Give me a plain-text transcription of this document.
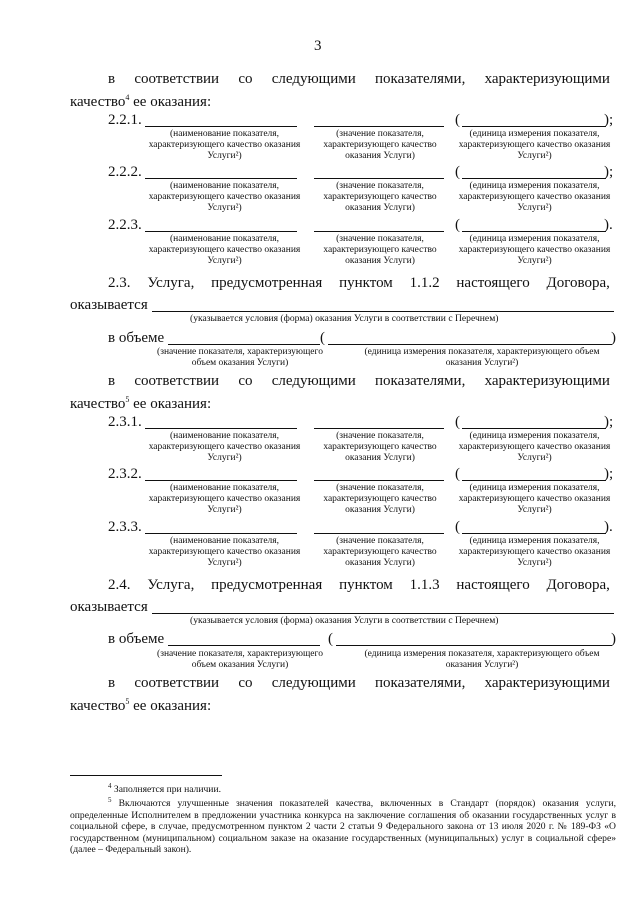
3
в соответствии со следующими показателями, характеризующими
качество$^4$ ее оказания:
2.2.1.	(	);
(наименование показателя, характеризующего качество оказания Услуги²)
(значение показателя, характеризующего качество оказания Услуги)
(единица измерения показателя, характеризующего качество оказания Услуги²)
2.2.2.	(	);
(наименование показателя, характеризующего качество оказания Услуги²)
(значение показателя, характеризующего качество оказания Услуги)
(единица измерения показателя, характеризующего качество оказания Услуги²)
2.2.3.	(	).
(наименование показателя, характеризующего качество оказания Услуги²)
(значение показателя, характеризующего качество оказания Услуги)
(единица измерения показателя, характеризующего качество оказания Услуги²)
2.3. Услуга, предусмотренная пунктом 1.1.2 настоящего Договора,
оказывается
(указывается условия (форма) оказания Услуги в соответствии с Перечнем)
в объеме	(	)
(значение показателя, характеризующего объем оказания Услуги)
(единица измерения показателя, характеризующего объем оказания Услуги²)
в соответствии со следующими показателями, характеризующими
качество$^5$ ее оказания:
2.3.1.	(	);
(наименование показателя, характеризующего качество оказания Услуги²)
(значение показателя, характеризующего качество оказания Услуги)
(единица измерения показателя, характеризующего качество оказания Услуги²)
2.3.2.	(	);
(наименование показателя, характеризующего качество оказания Услуги²)
(значение показателя, характеризующего качество оказания Услуги)
(единица измерения показателя, характеризующего качество оказания Услуги²)
2.3.3.	(	).
(наименование показателя, характеризующего качество оказания Услуги²)
(значение показателя, характеризующего качество оказания Услуги)
(единица измерения показателя, характеризующего качество оказания Услуги²)
2.4. Услуга, предусмотренная пунктом 1.1.3 настоящего Договора,
оказывается
(указывается условия (форма) оказания Услуги в соответствии с Перечнем)
в объеме	(	)
(значение показателя, характеризующего объем оказания Услуги)
(единица измерения показателя, характеризующего объем оказания Услуги²)
в соответствии со следующими показателями, характеризующими
качество$^5$ ее оказания:
$^4$ Заполняется при наличии.
$^5$ Включаются улучшенные значения показателей качества, включенных в Стандарт (порядок) оказания услуги, определенные Исполнителем в предложении участника конкурса на заключение соглашения об оказании государственных услуг в социальной сфере, в случае, предусмотренном пунктом 2 части 2 статьи 9 Федерального закона от 13 июля 2020 г. № 189-ФЗ «О государственном (муниципальном) социальном заказе на оказание государственных (муниципальных) услуг в социальной сфере» (далее – Федеральный закон).
